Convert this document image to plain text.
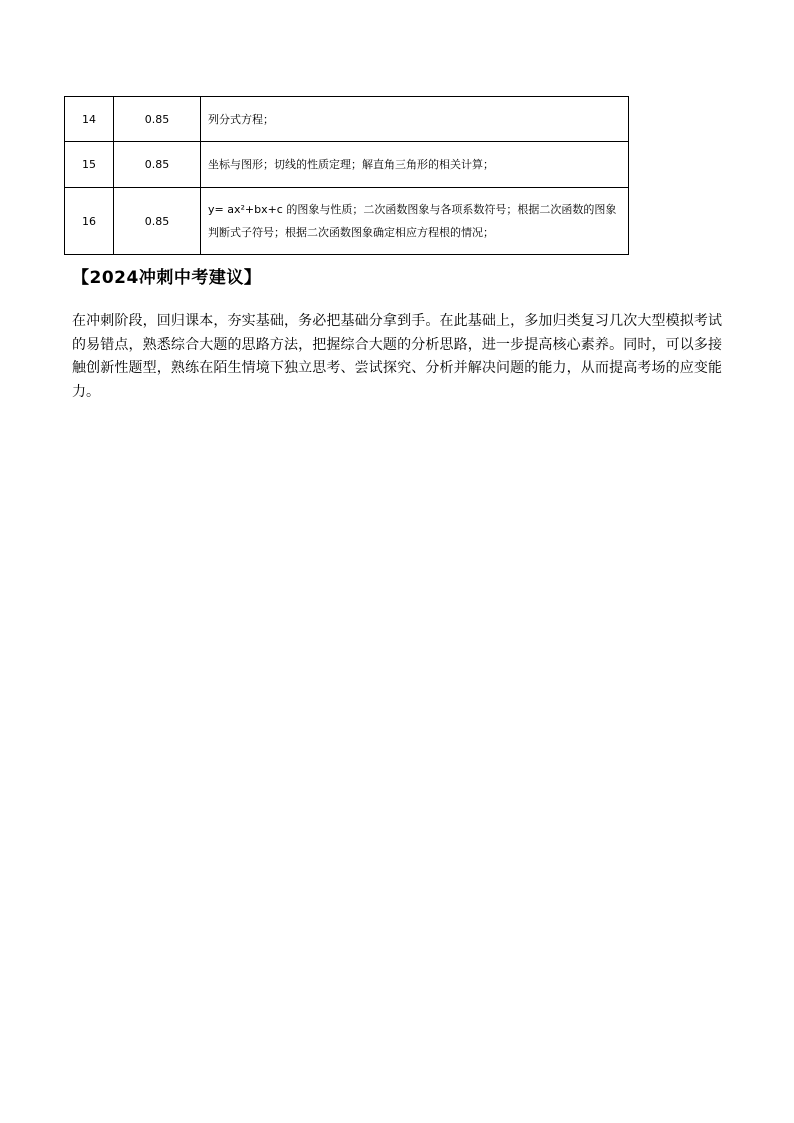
14	0.85	列分式方程；
15	0.85	坐标与图形；切线的性质定理；解直角三角形的相关计算；
16	0.85	y= ax²+bx+c 的图象与性质；二次函数图象与各项系数符号；根据二次函数的图象判断式子符号；根据二次函数图象确定相应方程根的情况；
【2024冲刺中考建议】
在冲刺阶段，回归课本，夯实基础，务必把基础分拿到手。在此基础上，多加归类复习几次大型模拟考试的易错点，熟悉综合大题的思路方法，把握综合大题的分析思路，进一步提高核心素养。同时，可以多接触创新性题型，熟练在陌生情境下独立思考、尝试探究、分析并解决问题的能力，从而提高考场的应变能力。
